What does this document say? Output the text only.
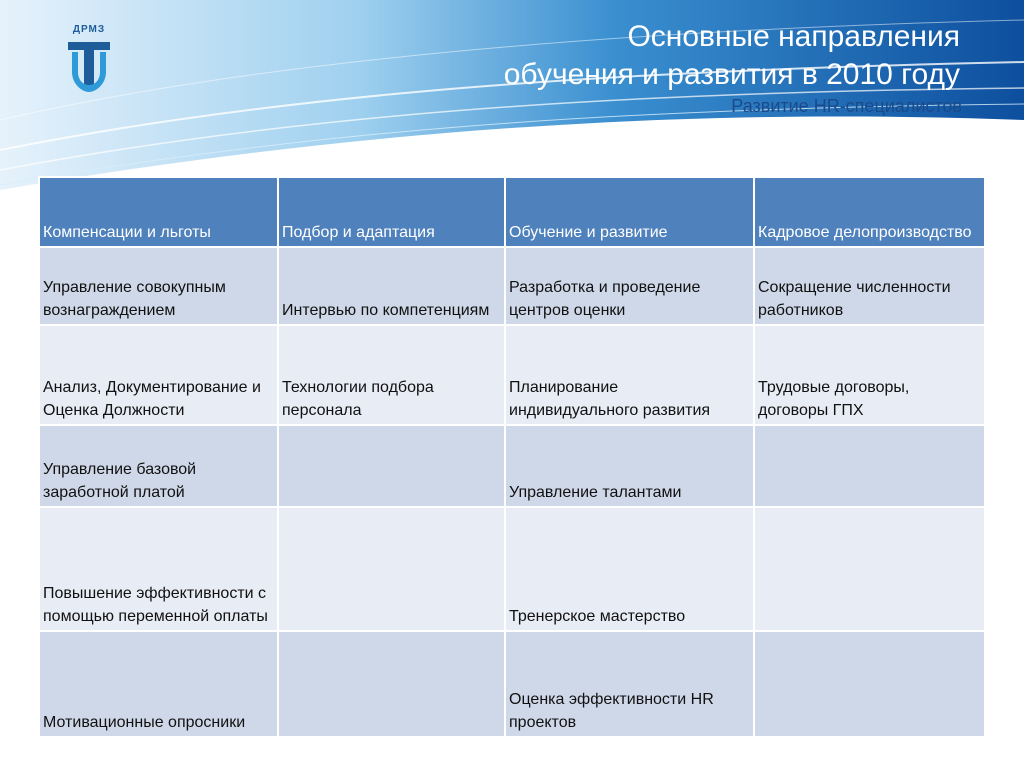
ДРМЗ	Основные направления
обучения и развития в 2010 году
Развитие HR-специалистов
Компенсации и льготы	Подбор и адаптация	Обучение и развитие	Кадровое делопроизводство
Управление совокупным вознаграждением	Интервью по компетенциям	Разработка и проведение центров оценки	Сокращение численности работников
Анализ, Документирование и Оценка Должности	Технологии подбора персонала	Планирование индивидуального развития	Трудовые договоры, договоры ГПХ
Управление базовой заработной платой		Управление талантами	
Повышение эффективности с помощью переменной оплаты		Тренерское мастерство	
Мотивационные опросники		Оценка эффективности HR проектов	
